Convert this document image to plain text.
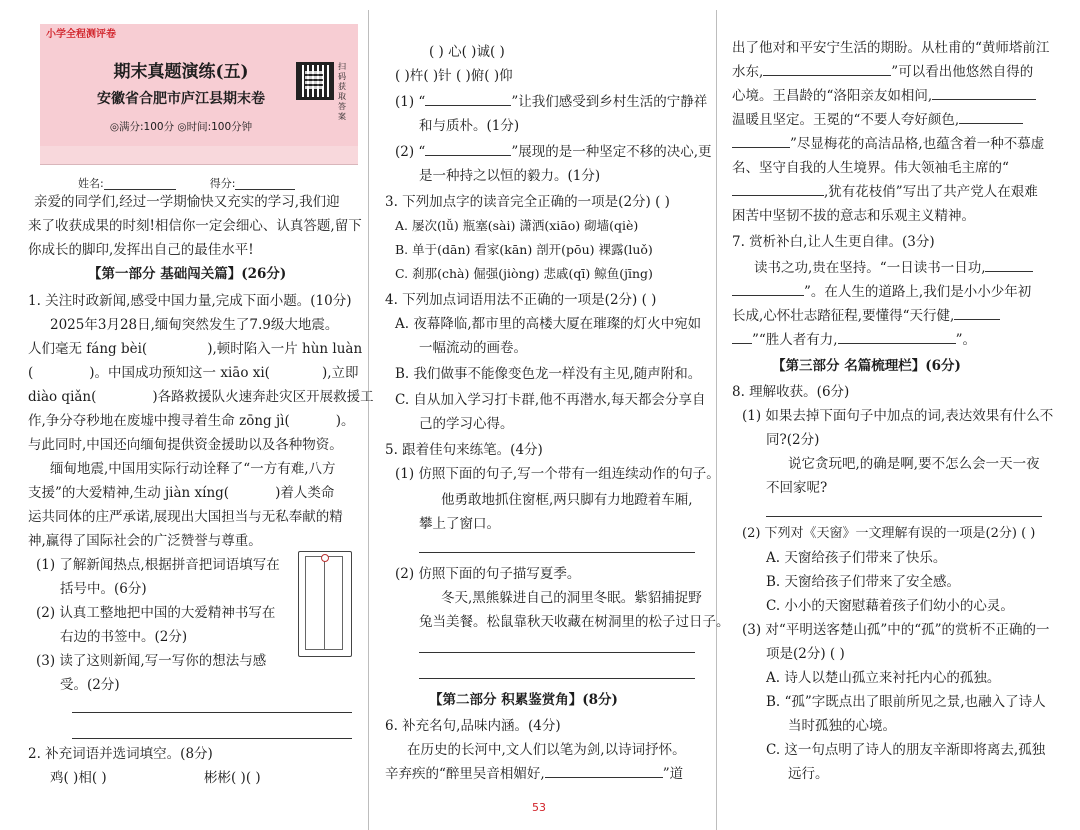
小学全程测评卷
期末真题演练(五)
安徽省合肥市庐江县期末卷
◎满分:100分 ◎时间:100分钟
扫码获取答案
姓名:	得分:
亲爱的同学们,经过一学期愉快又充实的学习,我们迎
来了收获成果的时刻!相信你一定会细心、认真答题,留下
你成长的脚印,发挥出自己的最佳水平!
【第一部分 基础闯关篇】(26分)
1. 关注时政新闻,感受中国力量,完成下面小题。(10分)
2025年3月28日,缅甸突然发生了7.9级大地震。
人们毫无 fáng bèi(	),顿时陷入一片 hùn luàn
(	)。中国成功预知这一 xiāo xi(	),立即
diào qiǎn(	)各路救援队火速奔赴灾区开展救援工
作,争分夺秒地在废墟中搜寻着生命 zōng jì(	)。
与此同时,中国还向缅甸提供资金援助以及各种物资。
缅甸地震,中国用实际行动诠释了“一方有难,八方
支援”的大爱精神,生动 jiàn xíng(	)着人类命
运共同体的庄严承诺,展现出大国担当与无私奉献的精
神,赢得了国际社会的广泛赞誉与尊重。
(1) 了解新闻热点,根据拼音把词语填写在
括号中。(6分)
(2) 认真工整地把中国的大爱精神书写在
右边的书签中。(2分)
(3) 读了这则新闻,写一写你的想法与感
受。(2分)
2. 补充词语并选词填空。(8分)
鸡( )相( )	彬彬( )( )
( ) 心( )诚( )
( )杵( )针 ( )俯( )仰
(1) “	”让我们感受到乡村生活的宁静祥
和与质朴。(1分)
(2) “	”展现的是一种坚定不移的决心,更
是一种持之以恒的毅力。(1分)
3. 下列加点字的读音完全正确的一项是(2分) ( )
A. 屡次(lǚ) 瓶塞(sài) 潇洒(xiāo) 砌墙(qiè)
B. 单于(dān) 看家(kān) 剖开(pōu) 裸露(luǒ)
C. 刹那(chà) 倔强(jiòng) 悲戚(qī) 鲸鱼(jīng)
4. 下列加点词语用法不正确的一项是(2分) ( )
A. 夜幕降临,都市里的高楼大厦在璀璨的灯火中宛如
一幅流动的画卷。
B. 我们做事不能像变色龙一样没有主见,随声附和。
C. 自从加入学习打卡群,他不再潜水,每天都会分享自
己的学习心得。
5. 跟着佳句来练笔。(4分)
(1) 仿照下面的句子,写一个带有一组连续动作的句子。
他勇敢地抓住窗框,两只脚有力地蹬着车厢,
攀上了窗口。
(2) 仿照下面的句子描写夏季。
冬天,黑熊躲进自己的洞里冬眠。紫貂捕捉野
兔当美餐。松鼠靠秋天收藏在树洞里的松子过日子。
【第二部分 积累鉴赏角】(8分)
6. 补充名句,品味内涵。(4分)
在历史的长河中,文人们以笔为剑,以诗词抒怀。
辛弃疾的“醉里吴音相媚好,	”道
出了他对和平安宁生活的期盼。从杜甫的“黄师塔前江
水东,	”可以看出他悠然自得的
心境。王昌龄的“洛阳亲友如相问,
温暖且坚定。王冕的“不要人夸好颜色,
”尽显梅花的高洁品格,也蕴含着一种不慕虚
名、坚守自我的人生境界。伟大领袖毛主席的“
,犹有花枝俏”写出了共产党人在艰难
困苦中坚韧不拔的意志和乐观主义精神。
7. 赏析补白,让人生更自律。(3分)
读书之功,贵在坚持。“一日读书一日功,
”。在人生的道路上,我们是小小少年初
长成,心怀壮志踏征程,要懂得“天行健,
”“胜人者有力,	”。
【第三部分 名篇梳理栏】(6分)
8. 理解收获。(6分)
(1) 如果去掉下面句子中加点的词,表达效果有什么不
同?(2分)
说它贪玩吧,的确是啊,要不怎么会一天一夜
不回家呢?
(2) 下列对《天窗》一文理解有误的一项是(2分) ( )
A. 天窗给孩子们带来了快乐。
B. 天窗给孩子们带来了安全感。
C. 小小的天窗慰藉着孩子们幼小的心灵。
(3) 对“平明送客楚山孤”中的“孤”的赏析不正确的一
项是(2分) ( )
A. 诗人以楚山孤立来衬托内心的孤独。
B. “孤”字既点出了眼前所见之景,也融入了诗人
当时孤独的心境。
C. 这一句点明了诗人的朋友辛渐即将离去,孤独
远行。
53
